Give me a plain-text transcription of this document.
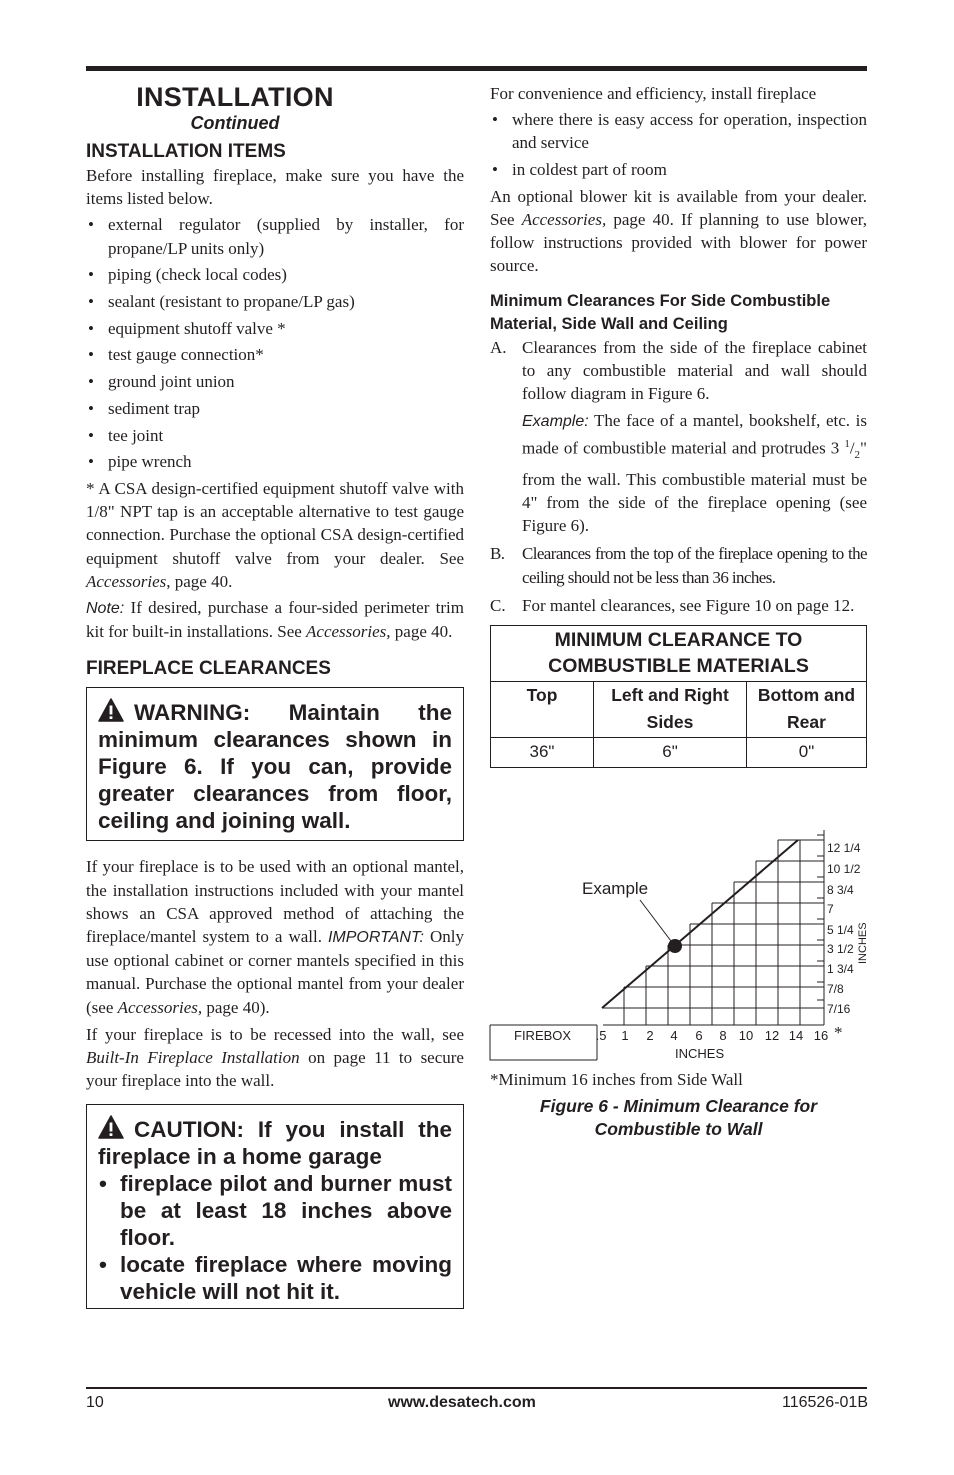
INSTALLATION
Continued
INSTALLATION ITEMS

Before installing fireplace, make sure you have the items listed below.

• external regulator (supplied by installer, for propane/LP units only)
• piping (check local codes)
• sealant (resistant to propane/LP gas)
• equipment shutoff valve *
• test gauge connection*
• ground joint union
• sediment trap
• tee joint
• pipe wrench

* A CSA design-certified equipment shutoff valve with 1/8" NPT tap is an acceptable alternative to test gauge connection. Purchase the optional CSA design-certified equipment shutoff valve from your dealer. See Accessories, page 40.

Note: If desired, purchase a four-sided perimeter trim kit for built-in installations. See Accessories, page 40.

FIREPLACE CLEARANCES

WARNING: Maintain the minimum clearances shown in Figure 6. If you can, provide greater clearances from floor, ceiling and joining wall.

If your fireplace is to be used with an optional mantel, the installation instructions included with your mantel shows an CSA approved method of attaching the fireplace/mantel system to a wall. IMPORTANT: Only use optional cabinet or corner mantels specified in this manual. Purchase the optional mantel from your dealer (see Accessories, page 40).

If your fireplace is to be recessed into the wall, see Built-In Fireplace Installation on page 11 to secure your fireplace into the wall.

CAUTION: If you install the fireplace in a home garage

• fireplace pilot and burner must be at least 18 inches above floor.
• locate fireplace where moving vehicle will not hit it.

For convenience and efficiency, install fireplace

• where there is easy access for operation, inspection and service
• in coldest part of room

An optional blower kit is available from your dealer. See Accessories, page 40. If planning to use blower, follow instructions provided with blower for power source.

Minimum Clearances For Side Combustible Material, Side Wall and Ceiling
A. Clearances from the side of the fireplace cabinet to any combustible material and wall should follow diagram in Figure 6.
Example: The face of a mantel, bookshelf, etc. is made of combustible material and protrudes 3 $^1/_2$" from the wall. This combustible material must be 4" from the side of the fireplace opening (see Figure 6).
B. Clearances from the top of the fireplace opening to the ceiling should not be less than 36 inches.
C. For mantel clearances, see Figure 10 on page 12.
MINIMUM CLEARANCE TO COMBUSTIBLE MATERIALS		
Top	Left and Right Sides	Bottom and Rear
36"	6"	0"
Example
FIREBOX .5 1 2 4 6 8 10 12 14 16 *
INCHES
12 1/4
10 1/2
8 3/4
7
5 1/4
3 1/2
1 3/4
7/8
7/16
INCHES

*Minimum 16 inches from Side Wall

Figure 6 - Minimum Clearance for Combustible to Wall

10	www.desatech.com	116526-01B
